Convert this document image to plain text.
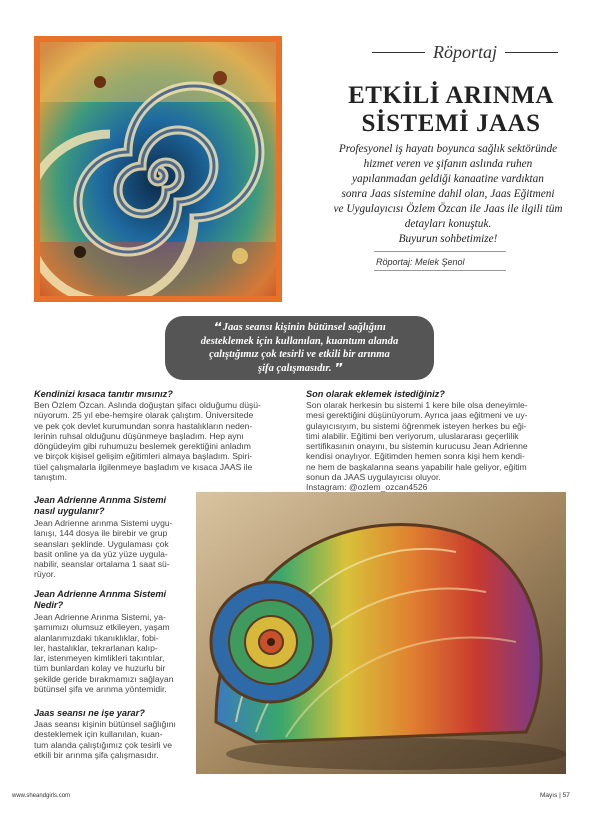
Röportaj
ETKİLİ ARINMA
SİSTEMİ JAAS
Profesyonel iş hayatı boyunca sağlık sektöründe
hizmet veren ve şifanın aslında ruhen
yapılanmadan geldiği kanaatine vardıktan
sonra Jaas sistemine dahil olan, Jaas Eğitmeni
ve Uygulayıcısı Özlem Özcan ile Jaas ile ilgili tüm
detayları konuştuk.
Buyurun sohbetimize!
Röportaj: Melek Şenol
❛❛ Jaas seansı kişinin bütünsel sağlığını
desteklemek için kullanılan, kuantum alanda
çalıştığımız çok tesirli ve etkili bir arınma
şifa çalışmasıdır. ❜❜
Kendinizi kısaca tanıtır mısınız?
Ben Özlem Özcan. Aslında doğuştan şifacı olduğumu düşü-
nüyorum. 25 yıl ebe-hemşire olarak çalıştım. Üniversitede
ve pek çok devlet kurumundan sonra hastalıkların neden-
lerinin ruhsal olduğunu düşünmeye başladım. Hep aynı
döngüdeyim gibi ruhumuzu beslemek gerektiğini anladım
ve birçok kişisel gelişim eğitimleri almaya başladım. Spiri-
tüel çalışmalarla ilgilenmeye başladım ve kısaca JAAS ile
tanıştım.
Jean Adrienne Arınma Sistemi
nasıl uygulanır?
Jean Adrienne arınma Sistemi uygu-
lanışı, 144 dosya ile birebir ve grup
seansları şeklinde. Uygulaması çok
basit online ya da yüz yüze uygula-
nabilir, seanslar ortalama 1 saat sü-
rüyor.
Jean Adrienne Arınma Sistemi
Nedir?
Jean Adrienne Arınma Sistemi, ya-
şamımızı olumsuz etkileyen, yaşam
alanlarımızdaki tıkanıklıklar, fobi-
ler, hastalıklar, tekrarlanan kalıp-
lar, istenmeyen kimlikleri takıntılar,
tüm bunlardan kolay ve huzurlu bir
şekilde geride bırakmamızı sağlayan
bütünsel şifa ve arınma yöntemidir.
Jaas seansı ne işe yarar?
Jaas seansı kişinin bütünsel sağlığını
desteklemek için kullanılan, kuan-
tum alanda çalıştığımız çok tesirli ve
etkili bir arınma şifa çalışmasıdır.
Son olarak eklemek istediğiniz?
Son olarak herkesin bu sistemi 1 kere bile olsa deneyimle-
mesi gerektiğini düşünüyorum. Ayrıca jaas eğitmeni ve uy-
gulayıcısıyım, bu sistemi öğrenmek isteyen herkes bu eği-
timi alabilir. Eğitimi ben veriyorum, uluslararası geçerlilik
sertifikasının onayını, bu sistemin kurucusu Jean Adrienne
kendisi onaylıyor. Eğitimden hemen sonra kişi hem kendi-
ne hem de başkalarına seans yapabilir hale geliyor, eğitim
sonun da JAAS uygulayıcısı oluyor.
Instagram: @ozlem_ozcan4526
www.sheandgirls.com	Mayıs | 57
